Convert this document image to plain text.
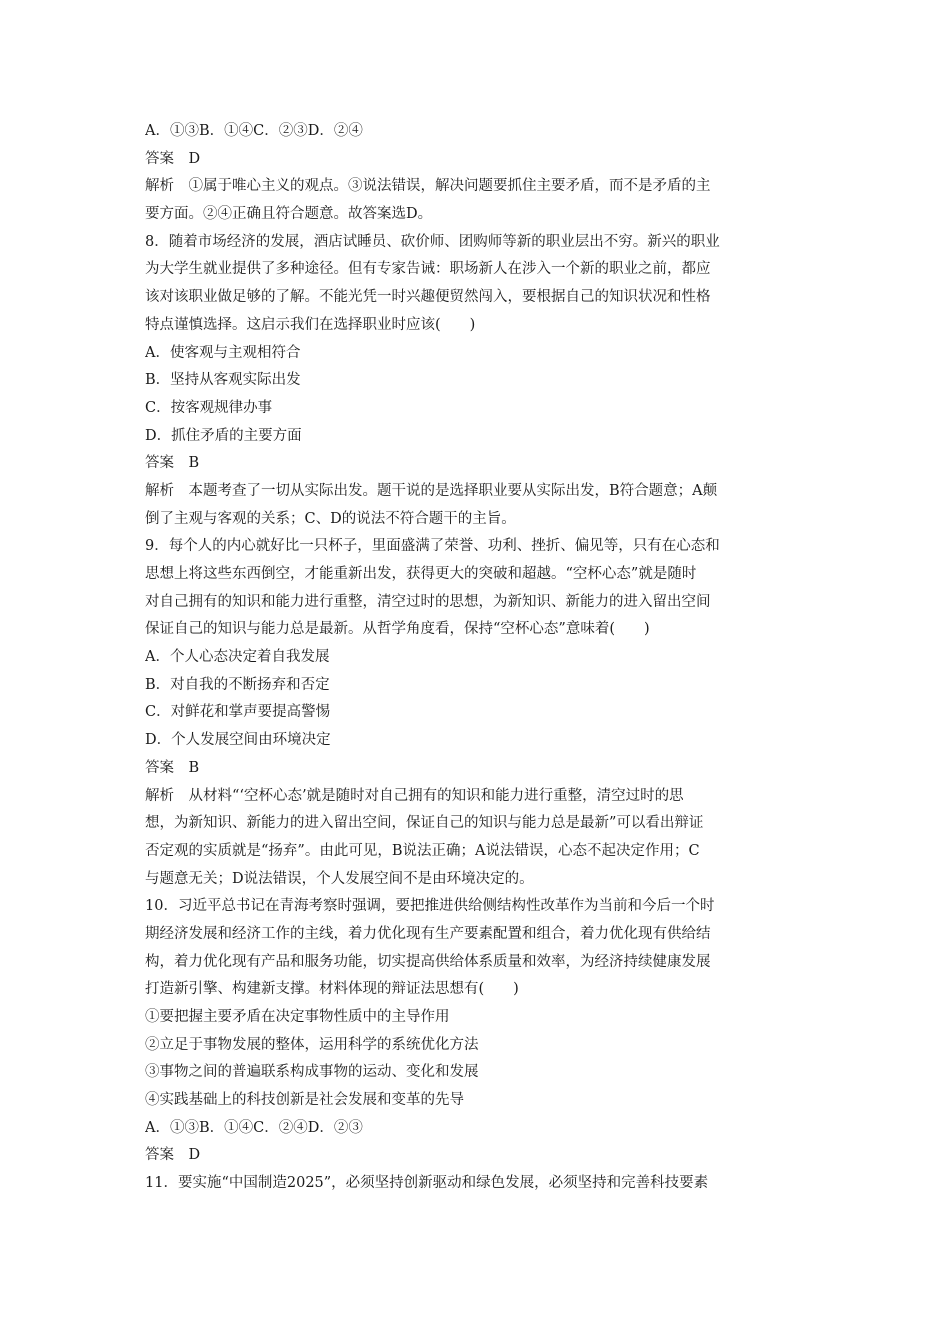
A．①③B．①④C．②③D．②④
答案　D
解析　①属于唯心主义的观点。③说法错误，解决问题要抓住主要矛盾，而不是矛盾的主
要方面。②④正确且符合题意。故答案选D。
8．随着市场经济的发展，酒店试睡员、砍价师、团购师等新的职业层出不穷。新兴的职业
为大学生就业提供了多种途径。但有专家告诫：职场新人在涉入一个新的职业之前，都应
该对该职业做足够的了解。不能光凭一时兴趣便贸然闯入，要根据自己的知识状况和性格
特点谨慎选择。这启示我们在选择职业时应该(　　)
A．使客观与主观相符合
B．坚持从客观实际出发
C．按客观规律办事
D．抓住矛盾的主要方面
答案　B
解析　本题考查了一切从实际出发。题干说的是选择职业要从实际出发，B符合题意；A颠
倒了主观与客观的关系；C、D的说法不符合题干的主旨。
9．每个人的内心就好比一只杯子，里面盛满了荣誉、功利、挫折、偏见等，只有在心态和
思想上将这些东西倒空，才能重新出发，获得更大的突破和超越。“空杯心态”就是随时
对自己拥有的知识和能力进行重整，清空过时的思想，为新知识、新能力的进入留出空间
保证自己的知识与能力总是最新。从哲学角度看，保持“空杯心态”意味着(　　)
A．个人心态决定着自我发展
B．对自我的不断扬弃和否定
C．对鲜花和掌声要提高警惕
D．个人发展空间由环境决定
答案　B
解析　从材料“‘空杯心态’就是随时对自己拥有的知识和能力进行重整，清空过时的思
想，为新知识、新能力的进入留出空间，保证自己的知识与能力总是最新”可以看出辩证
否定观的实质就是“扬弃”。由此可见，B说法正确；A说法错误，心态不起决定作用；C
与题意无关；D说法错误，个人发展空间不是由环境决定的。
10．习近平总书记在青海考察时强调，要把推进供给侧结构性改革作为当前和今后一个时
期经济发展和经济工作的主线，着力优化现有生产要素配置和组合，着力优化现有供给结
构，着力优化现有产品和服务功能，切实提高供给体系质量和效率，为经济持续健康发展
打造新引擎、构建新支撑。材料体现的辩证法思想有(　　)
①要把握主要矛盾在决定事物性质中的主导作用
②立足于事物发展的整体，运用科学的系统优化方法
③事物之间的普遍联系构成事物的运动、变化和发展
④实践基础上的科技创新是社会发展和变革的先导
A．①③B．①④C．②④D．②③
答案　D
11．要实施“中国制造2025”，必须坚持创新驱动和绿色发展，必须坚持和完善科技要素
